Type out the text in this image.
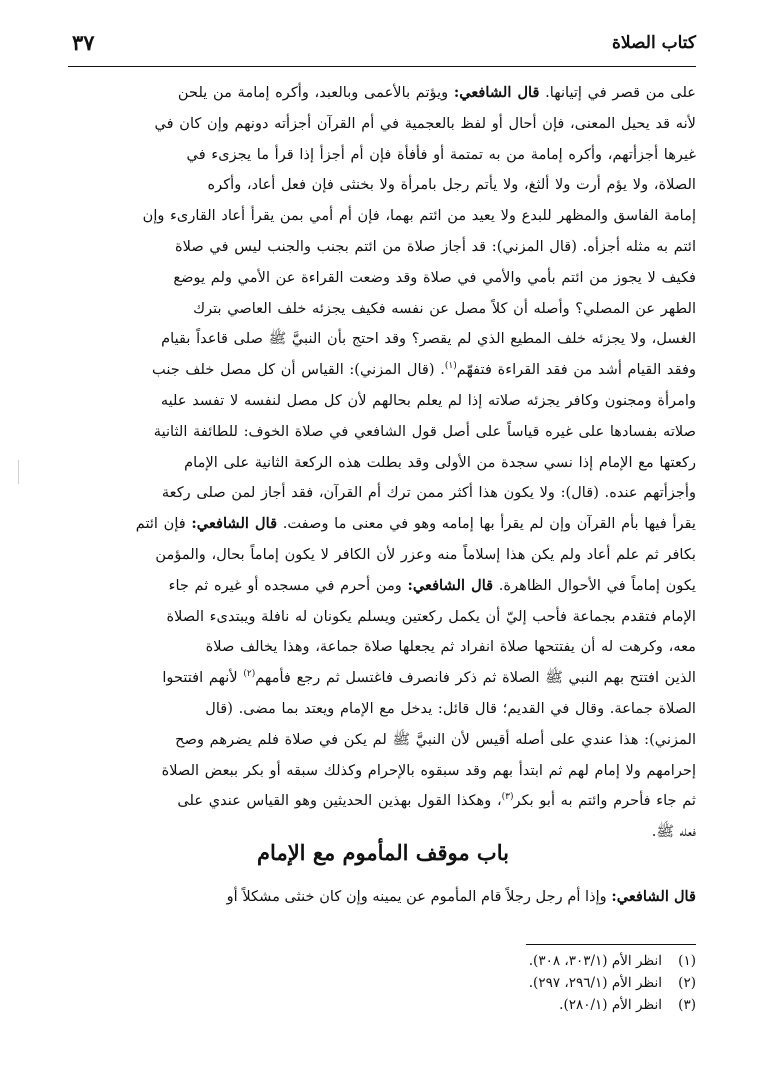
٣٧	كتاب الصلاة
على من قصر في إتيانها. قال الشافعي: ويؤتم بالأعمى وبالعبد، وأكره إمامة من يلحن
لأنه قد يحيل المعنى، فإن أحال أو لفظ بالعجمية في أم القرآن أجزأته دونهم وإن كان في
غيرها أجزأتهم، وأكره إمامة من به تمتمة أو فأفأة فإن أم أجزأ إذا قرأ ما يجزىء في
الصلاة، ولا يؤم أرت ولا ألثغ، ولا يأتم رجل بامرأة ولا بخنثى فإن فعل أعاد، وأكره
إمامة الفاسق والمظهر للبدع ولا يعيد من ائتم بهما، فإن أم أمي بمن يقرأ أعاد القارىء وإن
ائتم به مثله أجزأه. (قال المزني): قد أجاز صلاة من ائتم بجنب والجنب ليس في صلاة
فكيف لا يجوز من ائتم بأمي والأمي في صلاة وقد وضعت القراءة عن الأمي ولم يوضع
الطهر عن المصلي؟ وأصله أن كلاً مصل عن نفسه فكيف يجزئه خلف العاصي بترك
الغسل، ولا يجزئه خلف المطيع الذي لم يقصر؟ وقد احتج بأن النبيَّ ﷺ صلى قاعداً بقيام
وفقد القيام أشد من فقد القراءة فتفهّم$^{(١)}$. (قال المزني): القياس أن كل مصل خلف جنب
وامرأة ومجنون وكافر يجزئه صلاته إذا لم يعلم بحالهم لأن كل مصل لنفسه لا تفسد عليه
صلاته بفسادها على غيره قياساً على أصل قول الشافعي في صلاة الخوف: للطائفة الثانية
ركعتها مع الإمام إذا نسي سجدة من الأولى وقد بطلت هذه الركعة الثانية على الإمام
وأجزأتهم عنده. (قال): ولا يكون هذا أكثر ممن ترك أم القرآن، فقد أجاز لمن صلى ركعة
يقرأ فيها بأم القرآن وإن لم يقرأ بها إمامه وهو في معنى ما وصفت. قال الشافعي: فإن ائتم
بكافر ثم علم أعاد ولم يكن هذا إسلاماً منه وعزر لأن الكافر لا يكون إماماً بحال، والمؤمن
يكون إماماً في الأحوال الظاهرة. قال الشافعي: ومن أحرم في مسجده أو غيره ثم جاء
الإمام فتقدم بجماعة فأحب إليّ أن يكمل ركعتين ويسلم يكونان له نافلة ويبتدىء الصلاة
معه، وكرهت له أن يفتتحها صلاة انفراد ثم يجعلها صلاة جماعة، وهذا يخالف صلاة
الذين افتتح بهم النبي ﷺ الصلاة ثم ذكر فانصرف فاغتسل ثم رجع فأمهم$^{(٢)}$ لأنهم افتتحوا
الصلاة جماعة. وقال في القديم؛ قال قائل: يدخل مع الإمام ويعتد بما مضى. (قال
المزني): هذا عندي على أصله أقيس لأن النبيَّ ﷺ لم يكن في صلاة فلم يضرهم وصح
إحرامهم ولا إمام لهم ثم ابتدأ بهم وقد سبقوه بالإحرام وكذلك سبقه أو بكر ببعض الصلاة
ثم جاء فأحرم وائتم به أبو بكر$^{(٣)}$، وهكذا القول بهذين الحديثين وهو القياس عندي على
فعله ﷺ.
باب موقف المأموم مع الإمام
قال الشافعي: وإذا أم رجل رجلاً قام المأموم عن يمينه وإن كان خنثى مشكلاً أو
(١)انظر الأم (٣٠٣/١، ٣٠٨).
(٢)انظر الأم (٢٩٦/١، ٢٩٧).
(٣)انظر الأم (٢٨٠/١).
